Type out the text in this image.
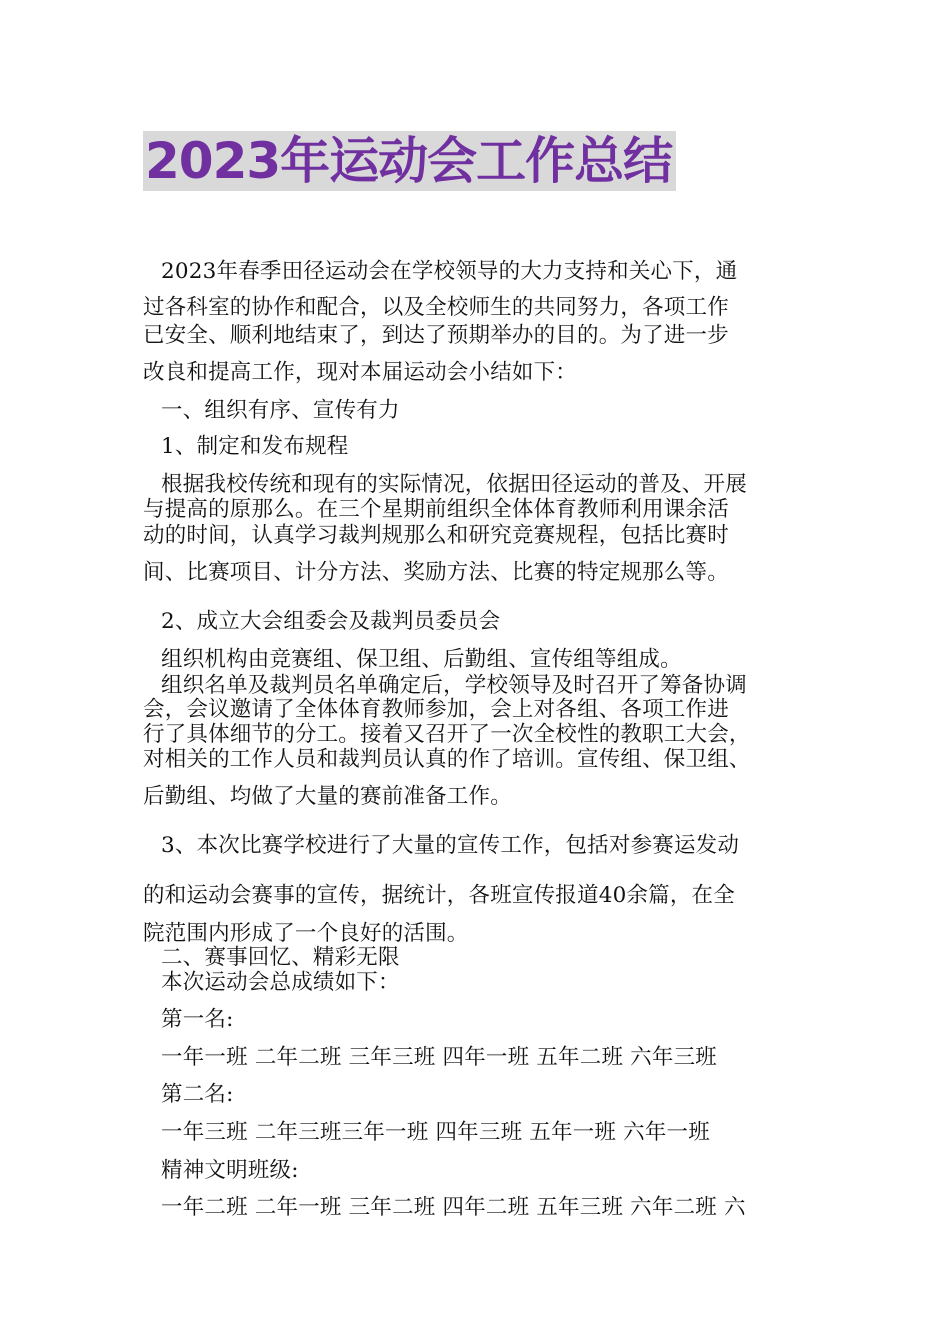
2023年运动会工作总结
2023年春季田径运动会在学校领导的大力支持和关心下，通
过各科室的协作和配合，以及全校师生的共同努力，各项工作
已安全、顺利地结束了，到达了预期举办的目的。为了进一步
改良和提高工作，现对本届运动会小结如下：
一、组织有序、宣传有力
1、制定和发布规程
根据我校传统和现有的实际情况，依据田径运动的普及、开展
与提高的原那么。在三个星期前组织全体体育教师利用课余活
动的时间，认真学习裁判规那么和研究竞赛规程，包括比赛时
间、比赛项目、计分方法、奖励方法、比赛的特定规那么等。
2、成立大会组委会及裁判员委员会
组织机构由竞赛组、保卫组、后勤组、宣传组等组成。
组织名单及裁判员名单确定后，学校领导及时召开了筹备协调
会，会议邀请了全体体育教师参加，会上对各组、各项工作进
行了具体细节的分工。接着又召开了一次全校性的教职工大会，
对相关的工作人员和裁判员认真的作了培训。宣传组、保卫组、
后勤组、均做了大量的赛前准备工作。
3、本次比赛学校进行了大量的宣传工作，包括对参赛运发动
的和运动会赛事的宣传，据统计，各班宣传报道40余篇，在全
院范围内形成了一个良好的活围。
二、赛事回忆、精彩无限
本次运动会总成绩如下：
第一名:
一年一班 二年二班 三年三班 四年一班 五年二班 六年三班
第二名:
一年三班 二年三班三年一班 四年三班 五年一班 六年一班
精神文明班级:
一年二班 二年一班 三年二班 四年二班 五年三班 六年二班 六
